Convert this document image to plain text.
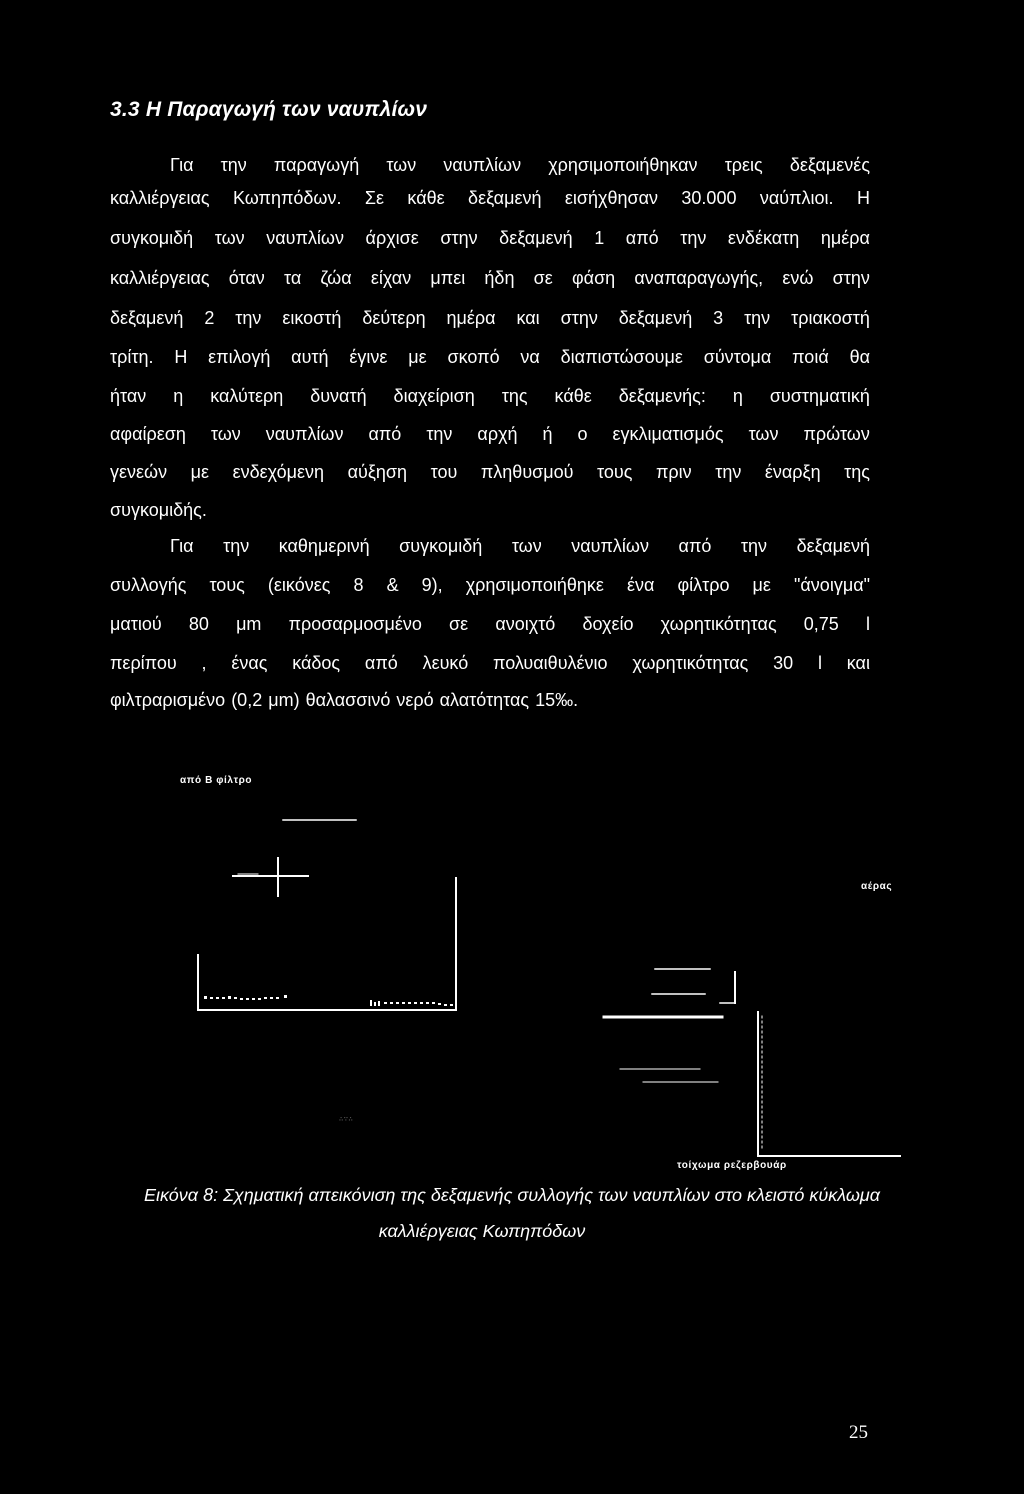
3.3 Η Παραγωγή των ναυπλίων
Για την παραγωγή των ναυπλίων χρησιμοποιήθηκαν τρεις δεξαμενές
καλλιέργειας Κωπηπόδων. Σε κάθε δεξαμενή εισήχθησαν 30.000 ναύπλιοι. Η
συγκομιδή των ναυπλίων άρχισε στην δεξαμενή 1 από την ενδέκατη ημέρα
καλλιέργειας όταν τα ζώα είχαν μπει ήδη σε φάση αναπαραγωγής, ενώ στην
δεξαμενή 2 την εικοστή δεύτερη ημέρα και στην δεξαμενή 3 την τριακοστή
τρίτη. Η επιλογή αυτή έγινε με σκοπό να διαπιστώσουμε σύντομα ποιά θα
ήταν η καλύτερη δυνατή διαχείριση της κάθε δεξαμενής: η συστηματική
αφαίρεση των ναυπλίων από την αρχή ή ο εγκλιματισμός των πρώτων
γενεών με ενδεχόμενη αύξηση του πληθυσμού τους πριν την έναρξη της
συγκομιδής.
Για την καθημερινή συγκομιδή των ναυπλίων από την δεξαμενή
συλλογής τους (εικόνες 8 & 9), χρησιμοποιήθηκε ένα φίλτρο με "άνοιγμα"
ματιού 80 μm προσαρμοσμένο σε ανοιχτό δοχείο χωρητικότητας 0,75 l
περίπου , ένας κάδος από λευκό πολυαιθυλένιο χωρητικότητας 30 l και
φιλτραρισμένο (0,2 μm) θαλασσινό νερό αλατότητας 15‰.
από Β φίλτρο
αέρας
τοίχωμα ρεζερβουάρ
∴∵∴
Εικόνα 8: Σχηματική απεικόνιση της δεξαμενής συλλογής των ναυπλίων στο κλειστό κύκλωμα
καλλιέργειας Κωπηπόδων
25
